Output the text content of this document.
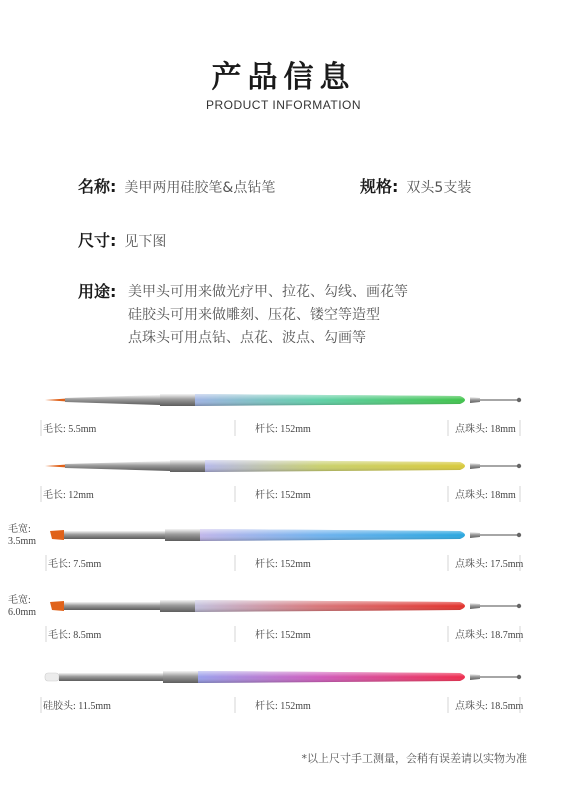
产品信息
PRODUCT INFORMATION
名称: 美甲两用硅胶笔&点钻笔	规格: 双头5支装
尺寸: 见下图
用途: 美甲头可用来做光疗甲、拉花、勾线、画花等
硅胶头可用来做雕刻、压花、镂空等造型
点珠头可用点钻、点花、波点、勾画等
毛长: 5.5mm	杆长: 152mm	点珠头: 18mm
毛长: 12mm	杆长: 152mm	点珠头: 18mm
毛长: 7.5mm	杆长: 152mm	点珠头: 17.5mm
毛宽:
3.5mm
毛长: 8.5mm	杆长: 152mm	点珠头: 18.7mm
毛宽:
6.0mm
硅胶头: 11.5mm	杆长: 152mm	点珠头: 18.5mm
*以上尺寸手工测量，会稍有误差请以实物为准
